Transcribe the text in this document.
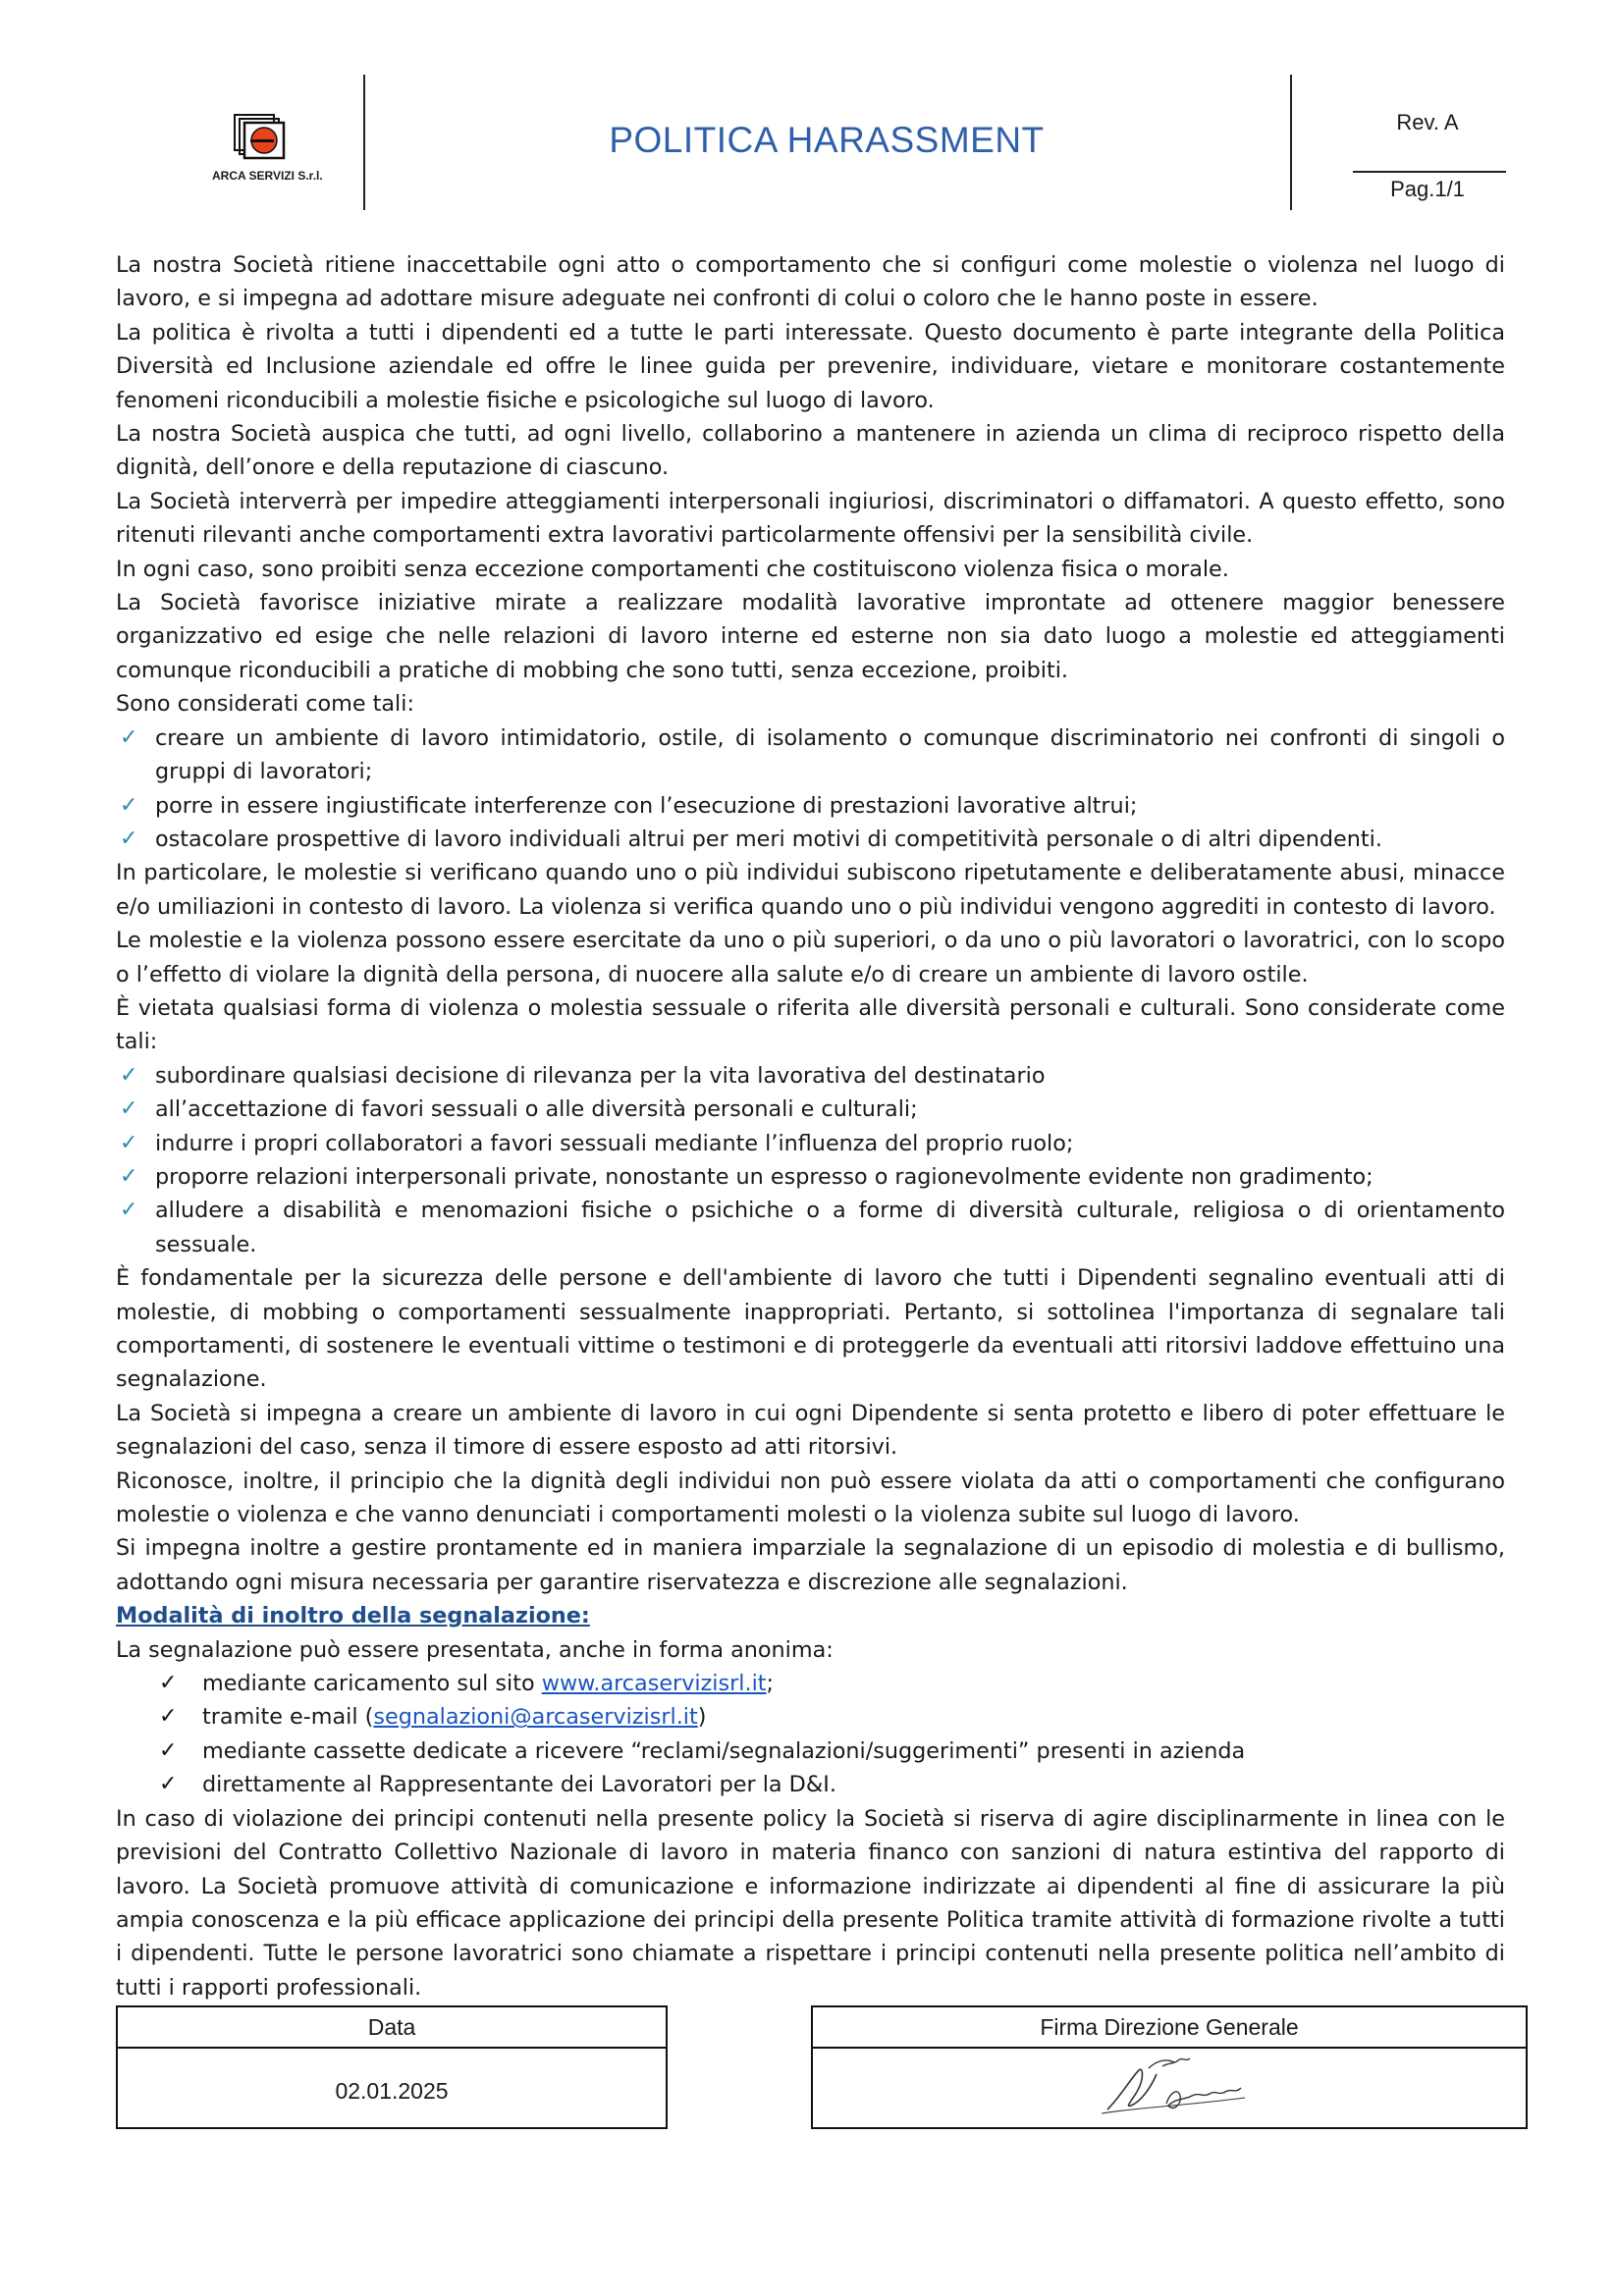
ARCA SERVIZI S.r.l.
POLITICA HARASSMENT	Rev. A
Pag.1/1

La nostra Società ritiene inaccettabile ogni atto o comportamento che si configuri come molestie o violenza nel luogo di lavoro, e si impegna ad adottare misure adeguate nei confronti di colui o coloro che le hanno poste in essere.

La politica è rivolta a tutti i dipendenti ed a tutte le parti interessate. Questo documento è parte integrante della Politica Diversità ed Inclusione aziendale ed offre le linee guida per prevenire, individuare, vietare e monitorare costantemente fenomeni riconducibili a molestie fisiche e psicologiche sul luogo di lavoro.

La nostra Società auspica che tutti, ad ogni livello, collaborino a mantenere in azienda un clima di reciproco rispetto della dignità, dell’onore e della reputazione di ciascuno.

La Società interverrà per impedire atteggiamenti interpersonali ingiuriosi, discriminatori o diffamatori. A questo effetto, sono ritenuti rilevanti anche comportamenti extra lavorativi particolarmente offensivi per la sensibilità civile.

In ogni caso, sono proibiti senza eccezione comportamenti che costituiscono violenza fisica o morale.

La Società favorisce iniziative mirate a realizzare modalità lavorative improntate ad ottenere maggior benessere organizzativo ed esige che nelle relazioni di lavoro interne ed esterne non sia dato luogo a molestie ed atteggiamenti comunque riconducibili a pratiche di mobbing che sono tutti, senza eccezione, proibiti.

Sono considerati come tali:

✓ creare un ambiente di lavoro intimidatorio, ostile, di isolamento o comunque discriminatorio nei confronti di singoli o gruppi di lavoratori;
✓ porre in essere ingiustificate interferenze con l’esecuzione di prestazioni lavorative altrui;
✓ ostacolare prospettive di lavoro individuali altrui per meri motivi di competitività personale o di altri dipendenti.

In particolare, le molestie si verificano quando uno o più individui subiscono ripetutamente e deliberatamente abusi, minacce e/o umiliazioni in contesto di lavoro. La violenza si verifica quando uno o più individui vengono aggrediti in contesto di lavoro.

Le molestie e la violenza possono essere esercitate da uno o più superiori, o da uno o più lavoratori o lavoratrici, con lo scopo o l’effetto di violare la dignità della persona, di nuocere alla salute e/o di creare un ambiente di lavoro ostile.

È vietata qualsiasi forma di violenza o molestia sessuale o riferita alle diversità personali e culturali. Sono considerate come tali:

✓ subordinare qualsiasi decisione di rilevanza per la vita lavorativa del destinatario
✓ all’accettazione di favori sessuali o alle diversità personali e culturali;
✓ indurre i propri collaboratori a favori sessuali mediante l’influenza del proprio ruolo;
✓ proporre relazioni interpersonali private, nonostante un espresso o ragionevolmente evidente non gradimento;
✓ alludere a disabilità e menomazioni fisiche o psichiche o a forme di diversità culturale, religiosa o di orientamento sessuale.

È fondamentale per la sicurezza delle persone e dell'ambiente di lavoro che tutti i Dipendenti segnalino eventuali atti di molestie, di mobbing o comportamenti sessualmente inappropriati. Pertanto, si sottolinea l'importanza di segnalare tali comportamenti, di sostenere le eventuali vittime o testimoni e di proteggerle da eventuali atti ritorsivi laddove effettuino una segnalazione.

La Società si impegna a creare un ambiente di lavoro in cui ogni Dipendente si senta protetto e libero di poter effettuare le segnalazioni del caso, senza il timore di essere esposto ad atti ritorsivi.

Riconosce, inoltre, il principio che la dignità degli individui non può essere violata da atti o comportamenti che configurano molestie o violenza e che vanno denunciati i comportamenti molesti o la violenza subite sul luogo di lavoro.

Si impegna inoltre a gestire prontamente ed in maniera imparziale la segnalazione di un episodio di molestia e di bullismo, adottando ogni misura necessaria per garantire riservatezza e discrezione alle segnalazioni.

Modalità di inoltro della segnalazione:

La segnalazione può essere presentata, anche in forma anonima:

✓ mediante caricamento sul sito www.arcaservizisrl.it;
✓ tramite e-mail (segnalazioni@arcaservizisrl.it)
✓ mediante cassette dedicate a ricevere “reclami/segnalazioni/suggerimenti” presenti in azienda
✓ direttamente al Rappresentante dei Lavoratori per la D&I.

In caso di violazione dei principi contenuti nella presente policy la Società si riserva di agire disciplinarmente in linea con le previsioni del Contratto Collettivo Nazionale di lavoro in materia financo con sanzioni di natura estintiva del rapporto di lavoro. La Società promuove attività di comunicazione e informazione indirizzate ai dipendenti al fine di assicurare la più ampia conoscenza e la più efficace applicazione dei principi della presente Politica tramite attività di formazione rivolte a tutti i dipendenti. Tutte le persone lavoratrici sono chiamate a rispettare i principi contenuti nella presente politica nell’ambito di tutti i rapporti professionali.

Data
02.01.2025
Firma Direzione Generale
